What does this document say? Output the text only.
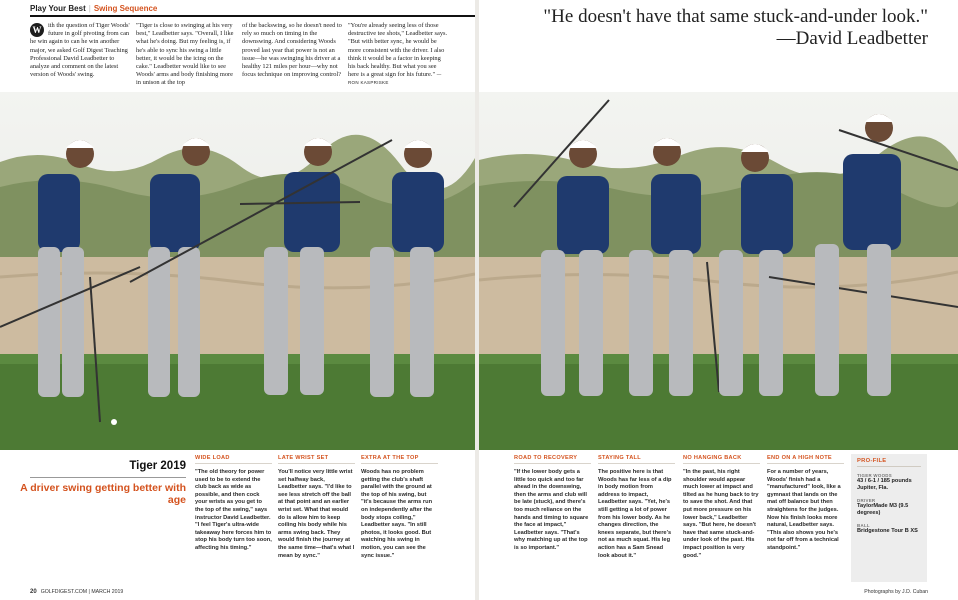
Play Your Best | Swing Sequence
W	ith the question of Tiger Woods' future in golf pivoting from can he win again to can he win another major, we asked Golf Digest Teaching Professional David Leadbetter to analyze and comment on the latest version of Woods' swing.
"Tiger is close to swinging at his very best," Leadbetter says. "Overall, I like what he's doing. But my feeling is, if he's able to sync his swing a little better, it would be the icing on the cake." Leadbetter would like to see Woods' arms and body finishing more in unison at the top
of the backswing, so he doesn't need to rely so much on timing in the downswing. And considering Woods proved last year that power is not an issue—he was swinging his driver at a healthy 121 miles per hour—why not focus technique on improving control?
"You're already seeing less of those destructive tee shots," Leadbetter says. "But with better sync, he would be more consistent with the driver. I also think it would be a factor in keeping his back healthy. But what you see here is a great sign for his future." —RON KASPRISKE
"He doesn't have that same stuck-and-under look."
—David Leadbetter
Tiger 2019
A driver swing getting better with age
WIDE LOAD
"The old theory for power used to be to extend the club back as wide as possible, and then cock your wrists as you get to the top of the swing," says instructor David Leadbetter. "I feel Tiger's ultra-wide takeaway here forces him to stop his body turn too soon, affecting his timing."
LATE WRIST SET
You'll notice very little wrist set halfway back, Leadbetter says. "I'd like to see less stretch off the ball at that point and an earlier wrist set. What that would do is allow him to keep coiling his body while his arms swing back. They would finish the journey at the same time—that's what I mean by sync."
EXTRA AT THE TOP
Woods has no problem getting the club's shaft parallel with the ground at the top of his swing, but "it's because the arms run on independently after the body stops coiling," Leadbetter says. "In still photos, it looks good. But watching his swing in motion, you can see the sync issue."
ROAD TO RECOVERY
"If the lower body gets a little too quick and too far ahead in the downswing, then the arms and club will be late (stuck), and there's too much reliance on the hands and timing to square the face at impact," Leadbetter says. "That's why matching up at the top is so important."
STAYING TALL
The positive here is that Woods has far less of a dip in body motion from address to impact, Leadbetter says. "Yet, he's still getting a lot of power from his lower body. As he changes direction, the knees separate, but there's not as much squat. His leg action has a Sam Snead look about it."
NO HANGING BACK
"In the past, his right shoulder would appear much lower at impact and tilted as he hung back to try to save the shot. And that put more pressure on his lower back," Leadbetter says. "But here, he doesn't have that same stuck-and-under look of the past. His impact position is very good."
END ON A HIGH NOTE
For a number of years, Woods' finish had a "manufactured" look, like a gymnast that lands on the mat off balance but then straightens for the judges. Now his finish looks more natural, Leadbetter says. "This also shows you he's not far off from a technical standpoint."
PRO-FILE
TIGER WOODS
43 / 6-1 / 185 pounds Jupiter, Fla.
DRIVER
TaylorMade M3 (9.5 degrees)
BALL
Bridgestone Tour B XS
20 GOLFDIGEST.COM | MARCH 2019	Photographs by J.D. Cuban
